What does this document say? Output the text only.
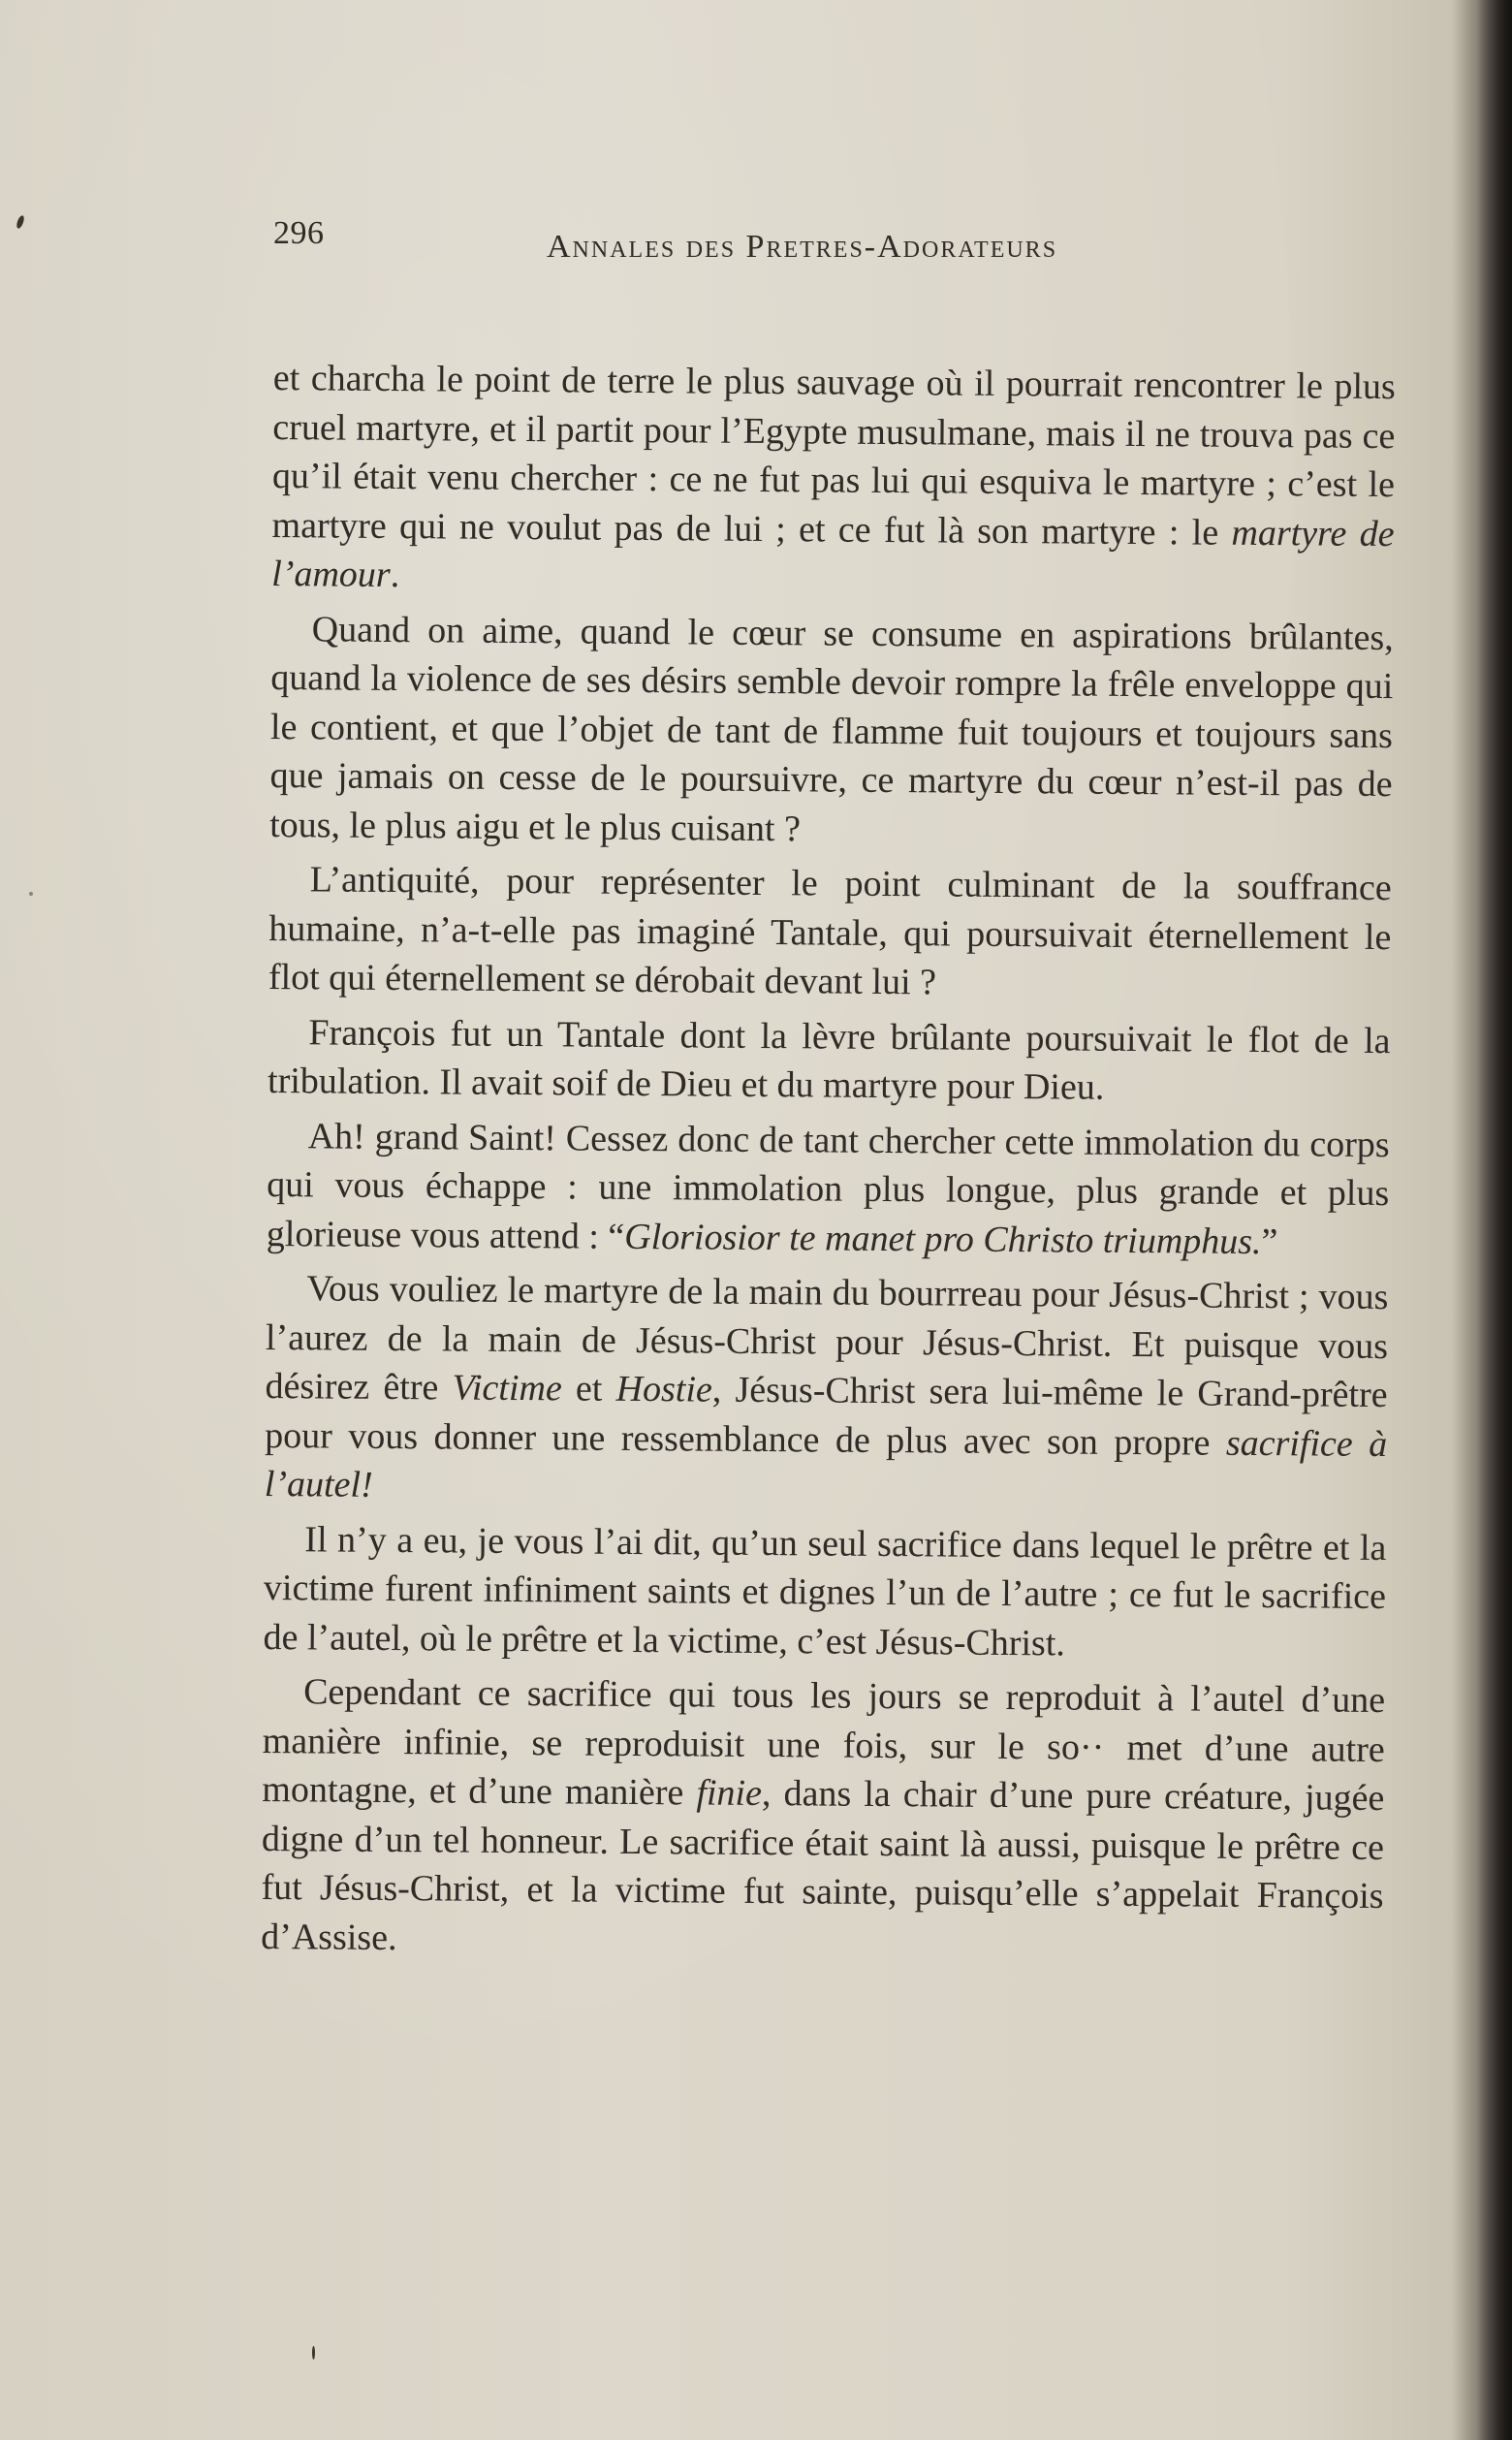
296	Annales des Pretres-Adorateurs

et charcha le point de terre le plus sauvage où il pourrait rencontrer le plus cruel martyre, et il partit pour l’Egypte musulmane, mais il ne trouva pas ce qu’il était venu chercher : ce ne fut pas lui qui esquiva le martyre ; c’est le martyre qui ne voulut pas de lui ; et ce fut là son martyre : le martyre de l’amour.

Quand on aime, quand le cœur se consume en aspirations brûlantes, quand la violence de ses désirs semble devoir rompre la frêle enveloppe qui le contient, et que l’objet de tant de flamme fuit toujours et toujours sans que jamais on cesse de le poursuivre, ce martyre du cœur n’est-il pas de tous, le plus aigu et le plus cuisant ?

L’antiquité, pour représenter le point culminant de la souffrance humaine, n’a-t-elle pas imaginé Tantale, qui poursuivait éternellement le flot qui éternellement se dérobait devant lui ?

François fut un Tantale dont la lèvre brûlante poursuivait le flot de la tribulation. Il avait soif de Dieu et du martyre pour Dieu.

Ah! grand Saint! Cessez donc de tant chercher cette immolation du corps qui vous échappe : une immolation plus longue, plus grande et plus glorieuse vous attend : “Gloriosior te manet pro Christo triumphus.”

Vous vouliez le martyre de la main du bourrreau pour Jésus-Christ ; vous l’aurez de la main de Jésus-Christ pour Jésus-Christ. Et puisque vous désirez être Victime et Hostie, Jésus-Christ sera lui-même le Grand-prêtre pour vous donner une ressemblance de plus avec son propre sacrifice à l’autel!

Il n’y a eu, je vous l’ai dit, qu’un seul sacrifice dans lequel le prêtre et la victime furent infiniment saints et dignes l’un de l’autre ; ce fut le sacrifice de l’autel, où le prêtre et la victime, c’est Jésus-Christ.

Cependant ce sacrifice qui tous les jours se reproduit à l’autel d’une manière infinie, se reproduisit une fois, sur le so·· met d’une autre montagne, et d’une manière finie, dans la chair d’une pure créature, jugée digne d’un tel honneur. Le sacrifice était saint là aussi, puisque le prêtre ce fut Jésus-Christ, et la victime fut sainte, puisqu’elle s’appelait François d’Assise.
